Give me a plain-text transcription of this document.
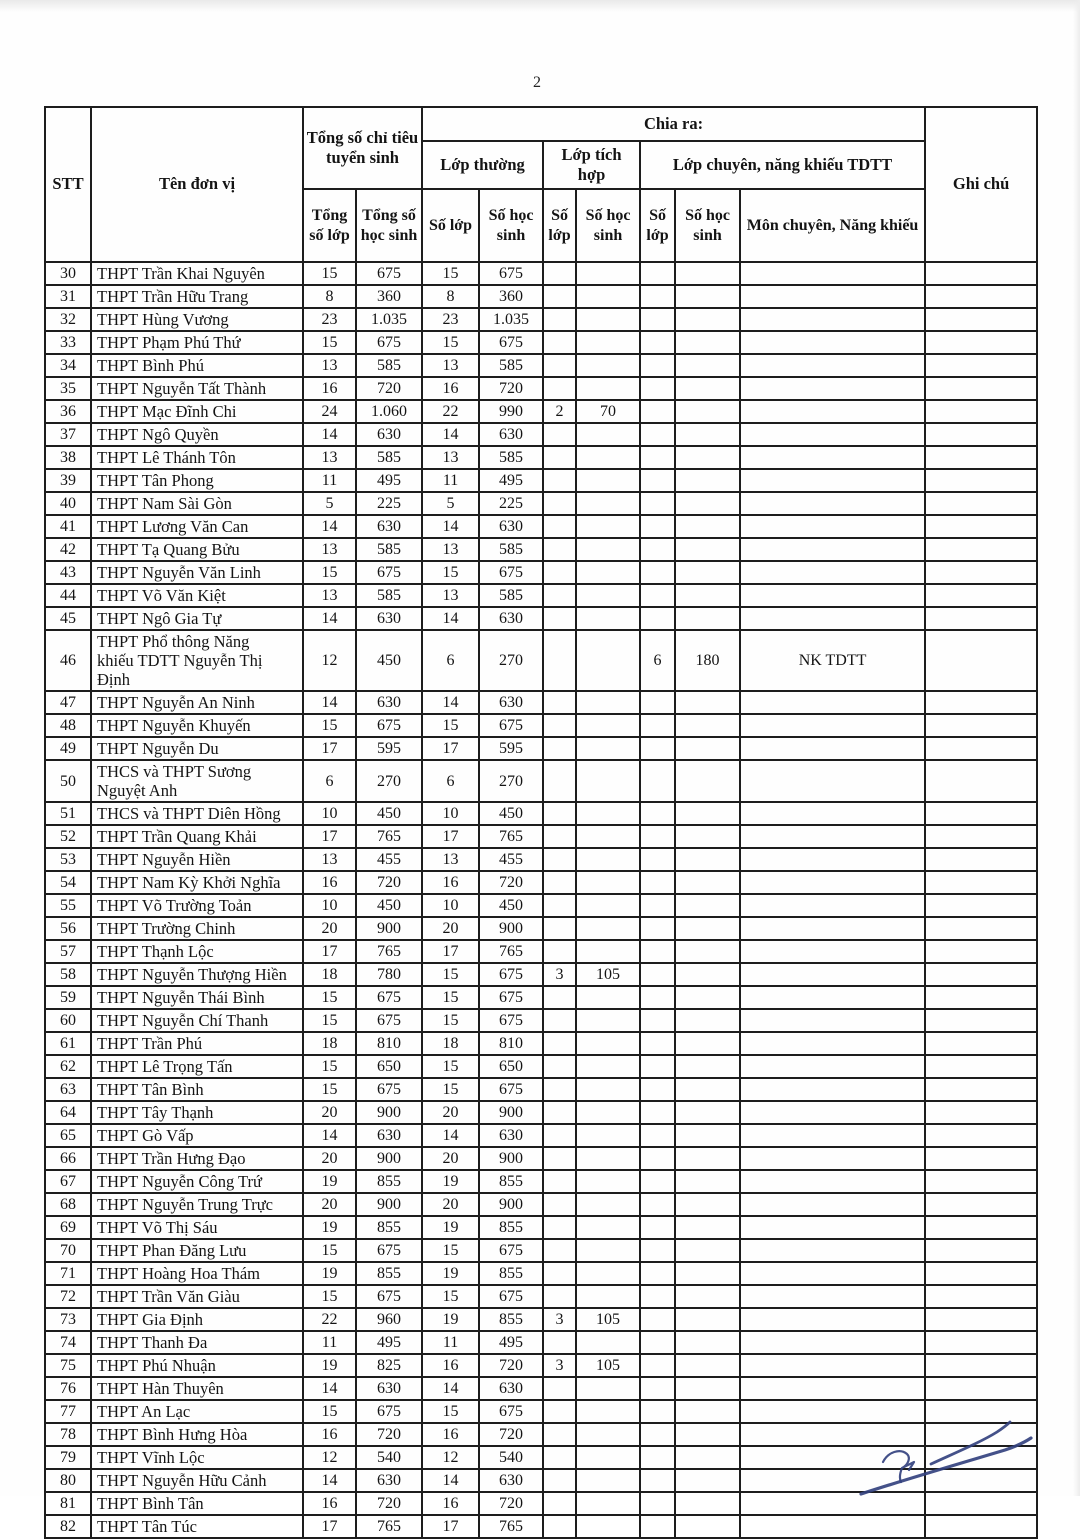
2
STT	Tên đơn vị	Tổng số chỉ tiêu tuyển sinh		Chia ra:							Ghi chú
				Lớp thường		Lớp tích hợp		Lớp chuyên, năng khiếu TDTT			
		Tổng số lớp	Tổng số học sinh	Số lớp	Số học sinh	Số lớp	Số học sinh	Số lớp	Số học sinh	Môn chuyên, Năng khiếu	
30	THPT Trần Khai Nguyên	15	675	15	675						
31	THPT Trần Hữu Trang	8	360	8	360						
32	THPT Hùng Vương	23	1.035	23	1.035						
33	THPT Phạm Phú Thứ	15	675	15	675						
34	THPT Bình Phú	13	585	13	585						
35	THPT Nguyễn Tất Thành	16	720	16	720						
36	THPT Mạc Đĩnh Chi	24	1.060	22	990	2	70				
37	THPT Ngô Quyền	14	630	14	630						
38	THPT Lê Thánh Tôn	13	585	13	585						
39	THPT Tân Phong	11	495	11	495						
40	THPT Nam Sài Gòn	5	225	5	225						
41	THPT Lương Văn Can	14	630	14	630						
42	THPT Tạ Quang Bửu	13	585	13	585						
43	THPT Nguyễn Văn Linh	15	675	15	675						
44	THPT Võ Văn Kiệt	13	585	13	585						
45	THPT Ngô Gia Tự	14	630	14	630						
46	THPT Phổ thông Năng khiếu TDTT Nguyễn Thị Định	12	450	6	270			6	180	NK TDTT	
47	THPT Nguyễn An Ninh	14	630	14	630						
48	THPT Nguyễn Khuyến	15	675	15	675						
49	THPT Nguyễn Du	17	595	17	595						
50	THCS và THPT Sương Nguyệt Anh	6	270	6	270						
51	THCS và THPT Diên Hồng	10	450	10	450						
52	THPT Trần Quang Khải	17	765	17	765						
53	THPT Nguyễn Hiền	13	455	13	455						
54	THPT Nam Kỳ Khởi Nghĩa	16	720	16	720						
55	THPT Võ Trường Toản	10	450	10	450						
56	THPT Trường Chinh	20	900	20	900						
57	THPT Thạnh Lộc	17	765	17	765						
58	THPT Nguyễn Thượng Hiền	18	780	15	675	3	105				
59	THPT Nguyễn Thái Bình	15	675	15	675						
60	THPT Nguyễn Chí Thanh	15	675	15	675						
61	THPT Trần Phú	18	810	18	810						
62	THPT Lê Trọng Tấn	15	650	15	650						
63	THPT Tân Bình	15	675	15	675						
64	THPT Tây Thạnh	20	900	20	900						
65	THPT Gò Vấp	14	630	14	630						
66	THPT Trần Hưng Đạo	20	900	20	900						
67	THPT Nguyễn Công Trứ	19	855	19	855						
68	THPT Nguyễn Trung Trực	20	900	20	900						
69	THPT Võ Thị Sáu	19	855	19	855						
70	THPT Phan Đăng Lưu	15	675	15	675						
71	THPT Hoàng Hoa Thám	19	855	19	855						
72	THPT Trần Văn Giàu	15	675	15	675						
73	THPT Gia Định	22	960	19	855	3	105				
74	THPT Thanh Đa	11	495	11	495						
75	THPT Phú Nhuận	19	825	16	720	3	105				
76	THPT Hàn Thuyên	14	630	14	630						
77	THPT An Lạc	15	675	15	675						
78	THPT Bình Hưng Hòa	16	720	16	720						
79	THPT Vĩnh Lộc	12	540	12	540						
80	THPT Nguyễn Hữu Cảnh	14	630	14	630						
81	THPT Bình Tân	16	720	16	720						
82	THPT Tân Túc	17	765	17	765						
